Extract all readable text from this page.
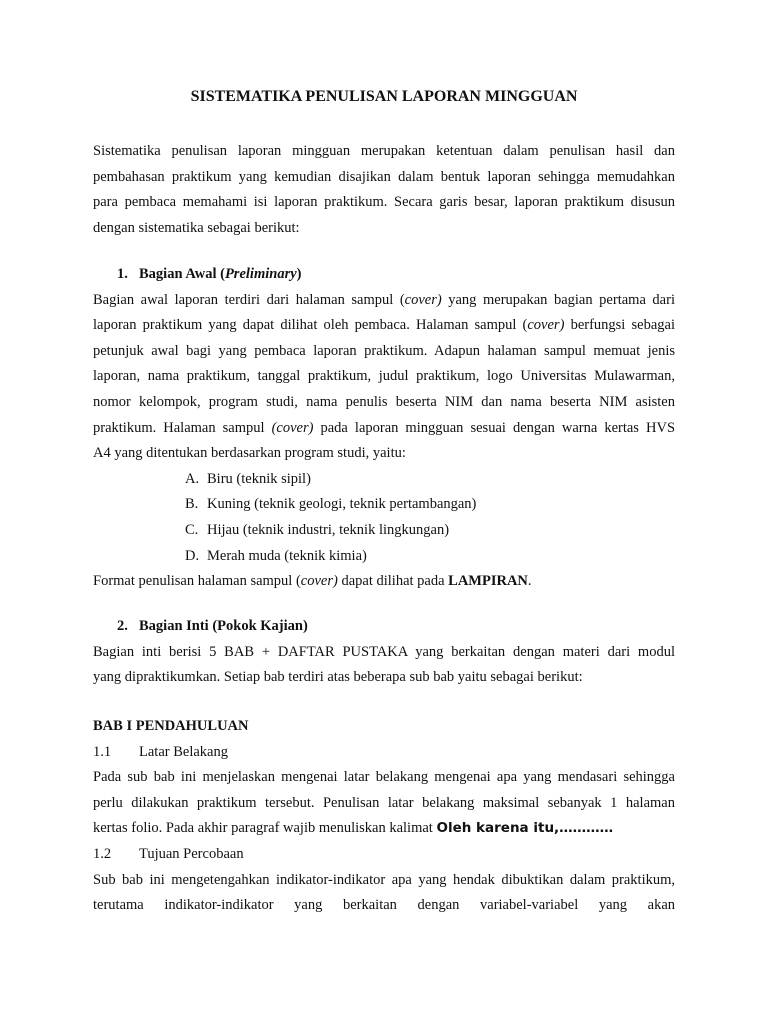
SISTEMATIKA PENULISAN LAPORAN MINGGUAN
Sistematika penulisan laporan mingguan merupakan ketentuan dalam penulisan hasil dan
pembahasan praktikum yang kemudian disajikan dalam bentuk laporan sehingga memudahkan
para pembaca memahami isi laporan praktikum. Secara garis besar, laporan praktikum disusun
dengan sistematika sebagai berikut:
1. Bagian Awal (Preliminary)
Bagian awal laporan terdiri dari halaman sampul (cover) yang merupakan bagian pertama dari
laporan praktikum yang dapat dilihat oleh pembaca. Halaman sampul (cover) berfungsi sebagai
petunjuk awal bagi yang pembaca laporan praktikum. Adapun halaman sampul memuat jenis
laporan, nama praktikum, tanggal praktikum, judul praktikum, logo Universitas Mulawarman,
nomor kelompok, program studi, nama penulis beserta NIM dan nama beserta NIM asisten
praktikum. Halaman sampul (cover) pada laporan mingguan sesuai dengan warna kertas HVS
A4 yang ditentukan berdasarkan program studi, yaitu:
A. Biru (teknik sipil)
B. Kuning (teknik geologi, teknik pertambangan)
C. Hijau (teknik industri, teknik lingkungan)
D. Merah muda (teknik kimia)
Format penulisan halaman sampul (cover) dapat dilihat pada LAMPIRAN.
2. Bagian Inti (Pokok Kajian)
Bagian inti berisi 5 BAB + DAFTAR PUSTAKA yang berkaitan dengan materi dari modul
yang dipraktikumkan. Setiap bab terdiri atas beberapa sub bab yaitu sebagai berikut:
BAB I PENDAHULUAN
1.1 Latar Belakang
Pada sub bab ini menjelaskan mengenai latar belakang mengenai apa yang mendasari sehingga
perlu dilakukan praktikum tersebut. Penulisan latar belakang maksimal sebanyak 1 halaman
kertas folio. Pada akhir paragraf wajib menuliskan kalimat Oleh karena itu,…………
1.2 Tujuan Percobaan
Sub bab ini mengetengahkan indikator-indikator apa yang hendak dibuktikan dalam praktikum,
terutama indikator-indikator yang berkaitan dengan variabel-variabel yang akan
